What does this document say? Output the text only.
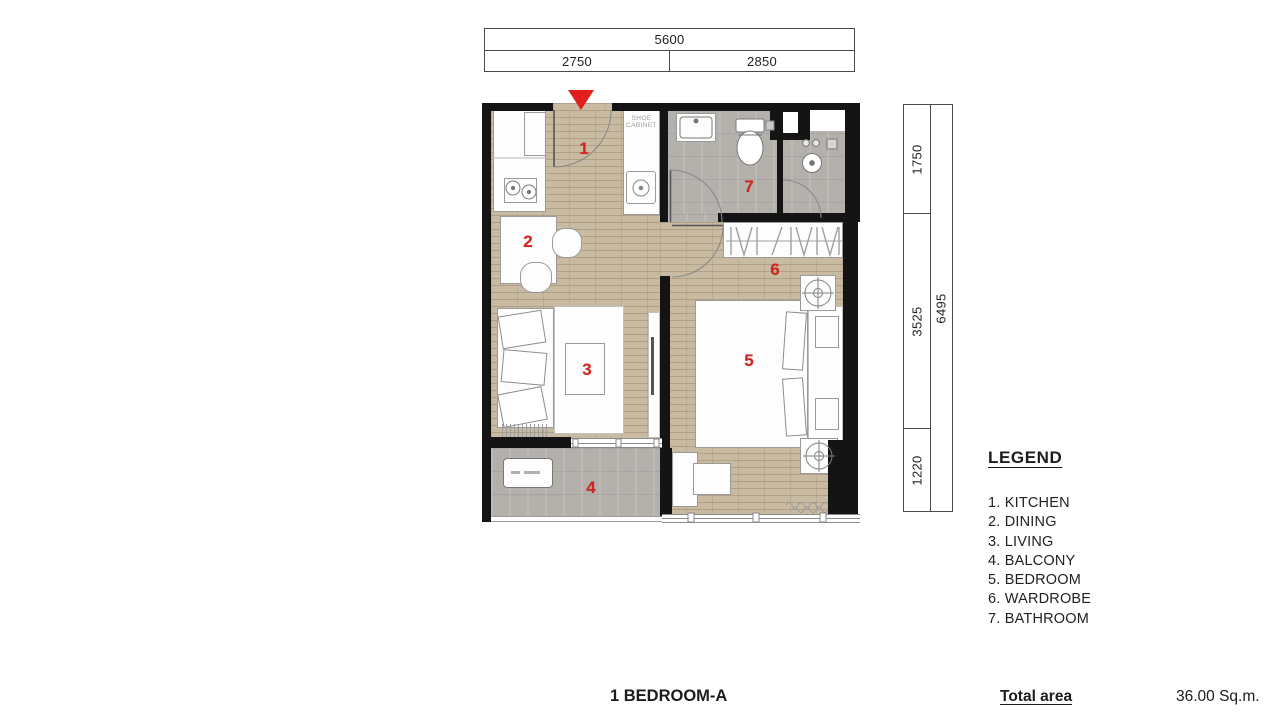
5600
2750	2850
1750
3525
1220
6495
SHOE
CABINET
1
2
3
4
5
6
7
LEGEND
1. KITCHEN
2. DINING
3. LIVING
4. BALCONY
5. BEDROOM
6. WARDROBE
7. BATHROOM
1 BEDROOM-A	Total area	36.00 Sq.m.
